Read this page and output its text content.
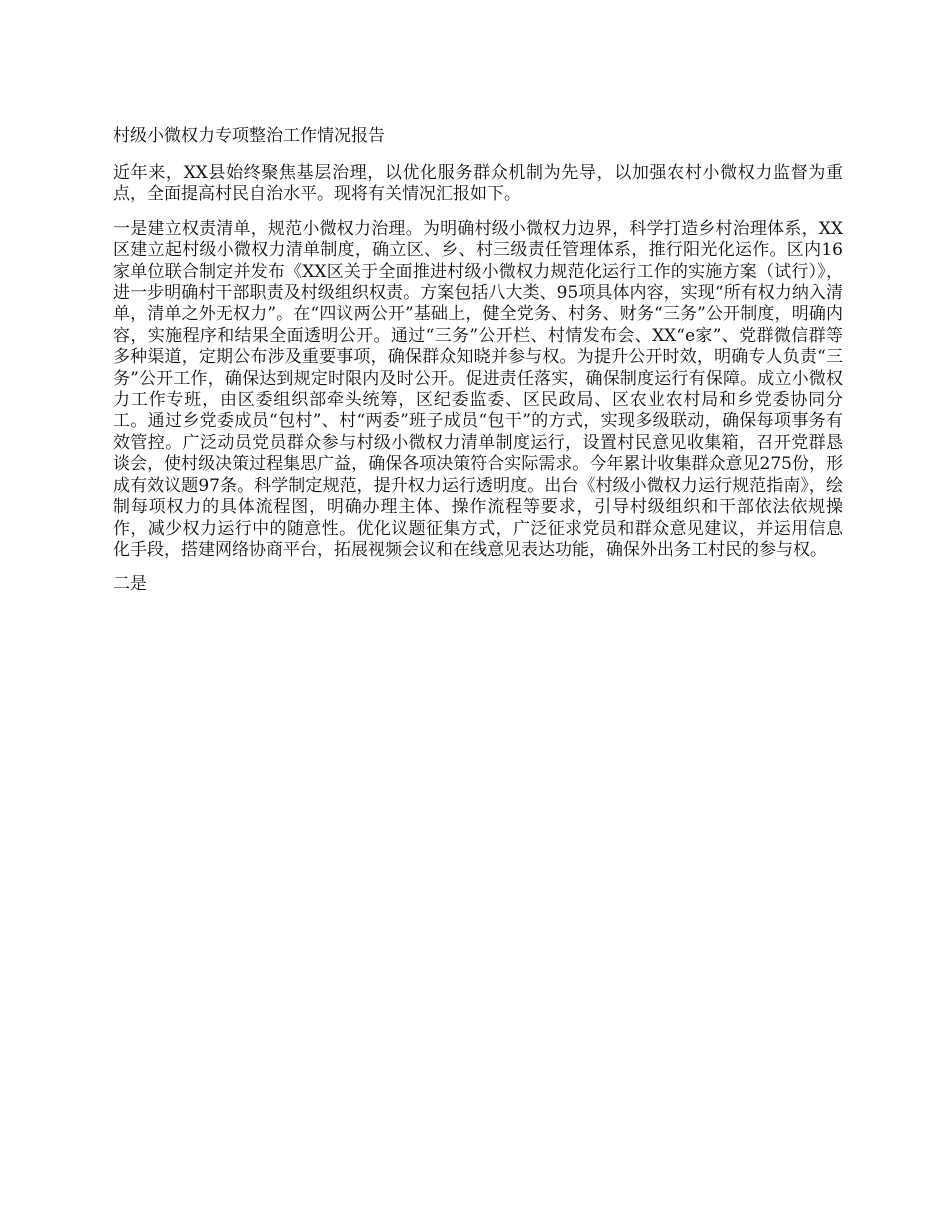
村级小微权力专项整治工作情况报告

近年来，XX县始终聚焦基层治理，以优化服务群众机制为先导，以加强农村小微权力监督为重点，全面提高村民自治水平。现将有关情况汇报如下。

一是建立权责清单，规范小微权力治理。为明确村级小微权力边界，科学打造乡村治理体系，XX区建立起村级小微权力清单制度，确立区、乡、村三级责任管理体系，推行阳光化运作。区内16家单位联合制定并发布《XX区关于全面推进村级小微权力规范化运行工作的实施方案（试行）》，进一步明确村干部职责及村级组织权责。方案包括八大类、95项具体内容，实现“所有权力纳入清单，清单之外无权力”。在“四议两公开”基础上，健全党务、村务、财务“三务”公开制度，明确内容，实施程序和结果全面透明公开。通过“三务”公开栏、村情发布会、XX“e家”、党群微信群等多种渠道，定期公布涉及重要事项，确保群众知晓并参与权。为提升公开时效，明确专人负责“三务”公开工作，确保达到规定时限内及时公开。促进责任落实，确保制度运行有保障。成立小微权力工作专班，由区委组织部牵头统筹，区纪委监委、区民政局、区农业农村局和乡党委协同分工。通过乡党委成员“包村”、村“两委”班子成员“包干”的方式，实现多级联动，确保每项事务有效管控。广泛动员党员群众参与村级小微权力清单制度运行，设置村民意见收集箱，召开党群恳谈会，使村级决策过程集思广益，确保各项决策符合实际需求。今年累计收集群众意见275份，形成有效议题97条。科学制定规范，提升权力运行透明度。出台《村级小微权力运行规范指南》，绘制每项权力的具体流程图，明确办理主体、操作流程等要求，引导村级组织和干部依法依规操作，减少权力运行中的随意性。优化议题征集方式，广泛征求党员和群众意见建议，并运用信息化手段，搭建网络协商平台，拓展视频会议和在线意见表达功能，确保外出务工村民的参与权。

二是
